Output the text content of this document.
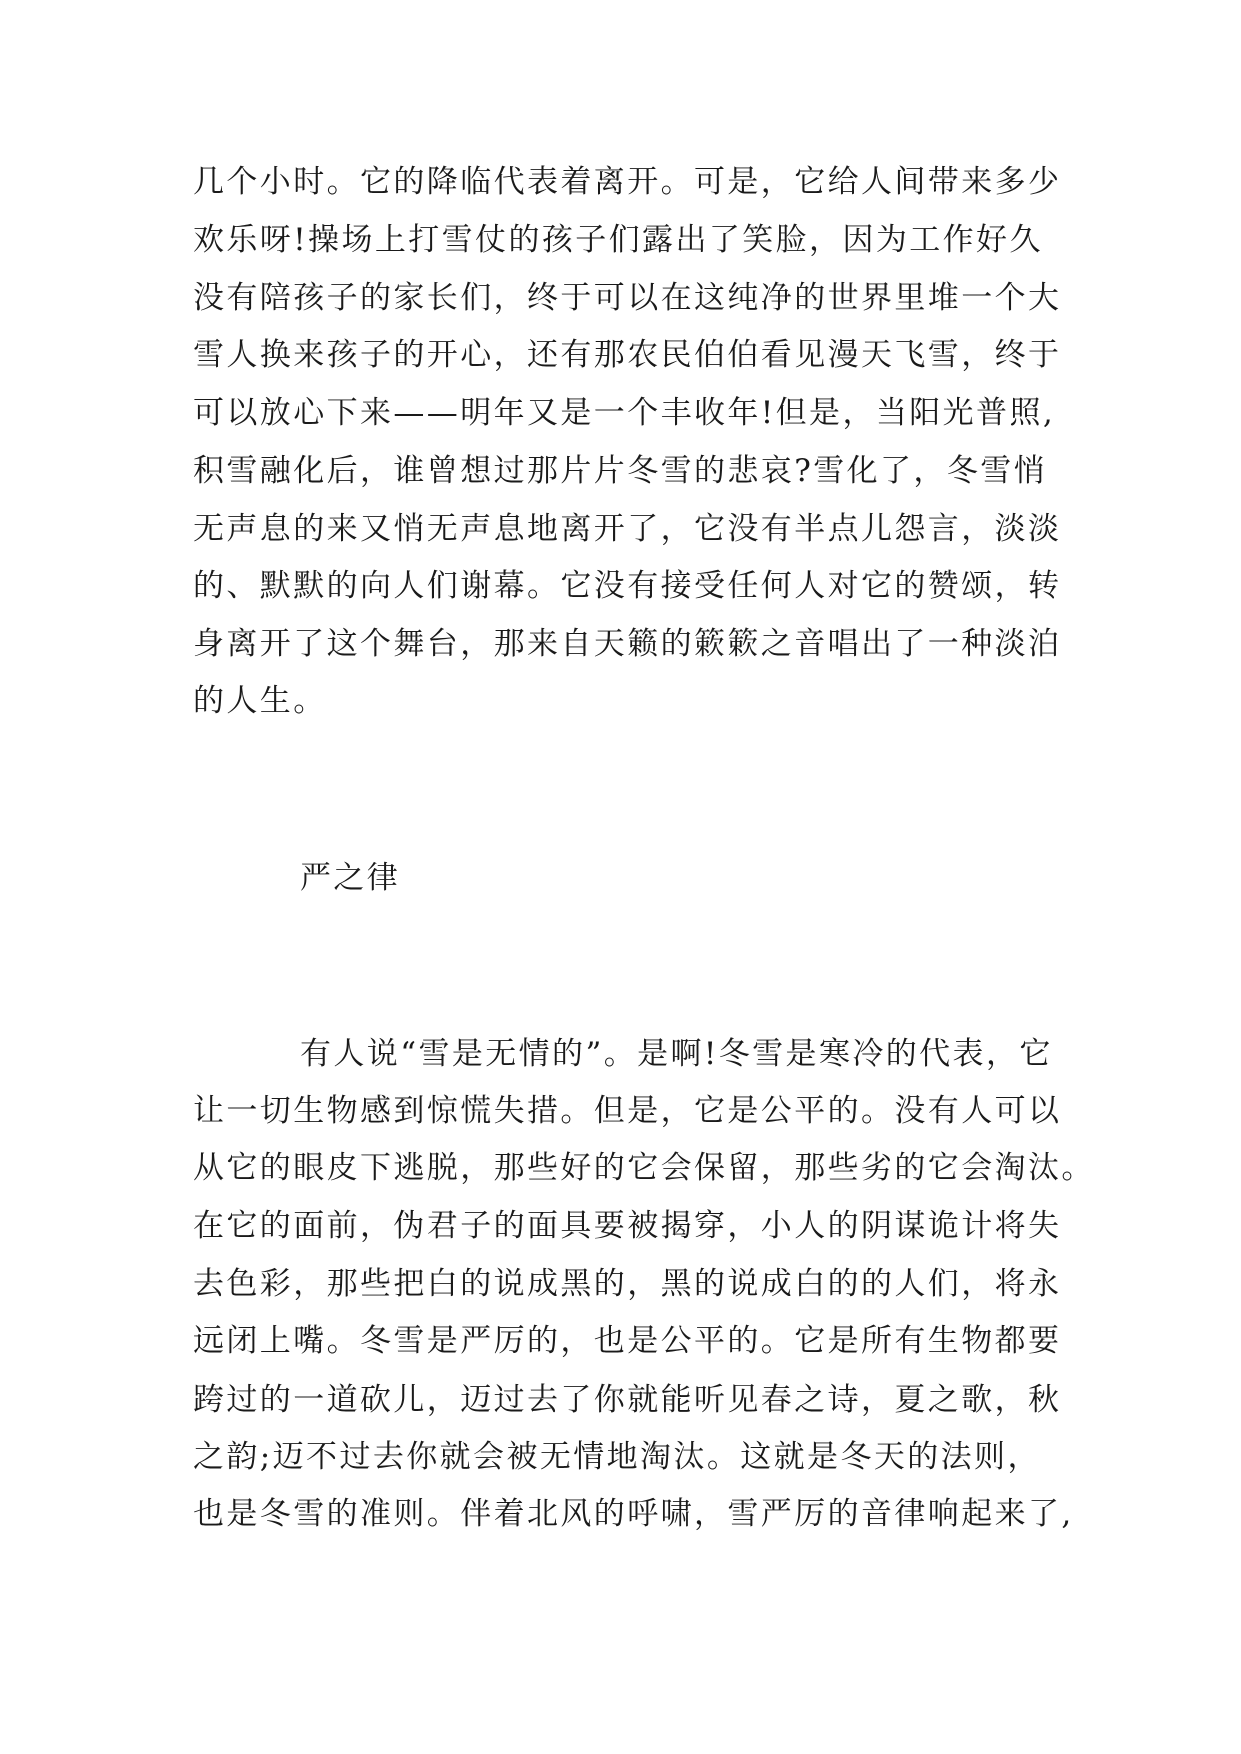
几个小时。它的降临代表着离开。可是，它给人间带来多少
欢乐呀!操场上打雪仗的孩子们露出了笑脸，因为工作好久
没有陪孩子的家长们，终于可以在这纯净的世界里堆一个大
雪人换来孩子的开心，还有那农民伯伯看见漫天飞雪，终于
可以放心下来——明年又是一个丰收年!但是，当阳光普照,
积雪融化后，谁曾想过那片片冬雪的悲哀?雪化了，冬雪悄
无声息的来又悄无声息地离开了，它没有半点儿怨言，淡淡
的、默默的向人们谢幕。它没有接受任何人对它的赞颂，转
身离开了这个舞台，那来自天籁的簌簌之音唱出了一种淡泊
的人生。
严之律
有人说“雪是无情的”。是啊!冬雪是寒冷的代表，它
让一切生物感到惊慌失措。但是，它是公平的。没有人可以
从它的眼皮下逃脱，那些好的它会保留，那些劣的它会淘汰。
在它的面前，伪君子的面具要被揭穿，小人的阴谋诡计将失
去色彩，那些把白的说成黑的，黑的说成白的的人们，将永
远闭上嘴。冬雪是严厉的，也是公平的。它是所有生物都要
跨过的一道砍儿，迈过去了你就能听见春之诗，夏之歌，秋
之韵;迈不过去你就会被无情地淘汰。这就是冬天的法则，
也是冬雪的准则。伴着北风的呼啸，雪严厉的音律响起来了,
